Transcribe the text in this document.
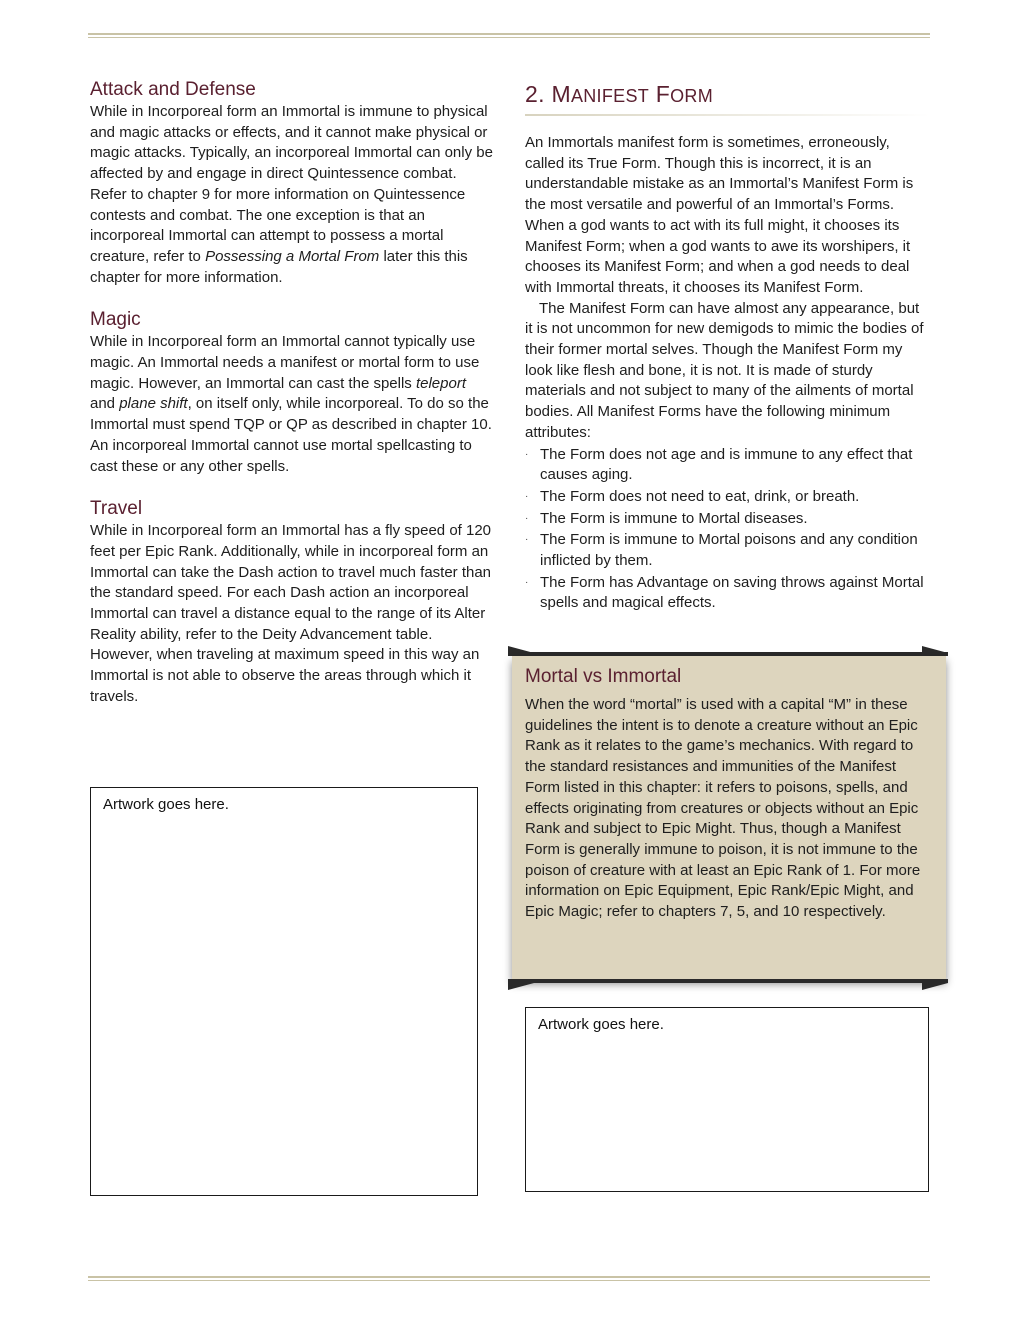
Attack and Defense

While in Incorporeal form an Immortal is immune to physical and magic attacks or effects, and it cannot make physical or magic attacks. Typically, an incorporeal Immortal can only be affected by and engage in direct Quintessence combat. Refer to chapter 9 for more information on Quintessence contests and combat. The one exception is that an incorporeal Immortal can attempt to possess a mortal creature, refer to Possessing a Mortal From later this this chapter for more information.

Magic

While in Incorporeal form an Immortal cannot typically use magic. An Immortal needs a manifest or mortal form to use magic. However, an Immortal can cast the spells teleport and plane shift, on itself only, while incorporeal. To do so the Immortal must spend TQP or QP as described in chapter 10. An incorporeal Immortal cannot use mortal spellcasting to cast these or any other spells.

Travel

While in Incorporeal form an Immortal has a fly speed of 120 feet per Epic Rank. Additionally, while in incorporeal form an Immortal can take the Dash action to travel much faster than the standard speed. For each Dash action an incorporeal Immortal can travel a distance equal to the range of its Alter Reality ability, refer to the Deity Advancement table. However, when traveling at maximum speed in this way an Immortal is not able to observe the areas through which it travels.

Artwork goes here.
2. MANIFEST FORM

An Immortals manifest form is sometimes, erroneously, called its True Form. Though this is incorrect, it is an understandable mistake as an Immortal’s Manifest Form is the most versatile and powerful of an Immortal’s Forms. When a god wants to act with its full might, it chooses its Manifest Form; when a god wants to awe its worshipers, it chooses its Manifest Form; and when a god needs to deal with Immortal threats, it chooses its Manifest Form.

The Manifest Form can have almost any appearance, but it is not uncommon for new demigods to mimic the bodies of their former mortal selves. Though the Manifest Form my look like flesh and bone, it is not. It is made of sturdy materials and not subject to many of the ailments of mortal bodies. All Manifest Forms have the following minimum attributes:

· The Form does not age and is immune to any effect that causes aging.
· The Form does not need to eat, drink, or breath.
· The Form is immune to Mortal diseases.
· The Form is immune to Mortal poisons and any condition inflicted by them.
· The Form has Advantage on saving throws against Mortal spells and magical effects.
Mortal vs Immortal

When the word “mortal” is used with a capital “M” in these guidelines the intent is to denote a creature without an Epic Rank as it relates to the game’s mechanics. With regard to the standard resistances and immunities of the Manifest Form listed in this chapter: it refers to poisons, spells, and effects originating from creatures or objects without an Epic Rank and subject to Epic Might. Thus, though a Manifest Form is generally immune to poison, it is not immune to the poison of creature with at least an Epic Rank of 1. For more information on Epic Equipment, Epic Rank/Epic Might, and Epic Magic; refer to chapters 7, 5, and 10 respectively.

Artwork goes here.
